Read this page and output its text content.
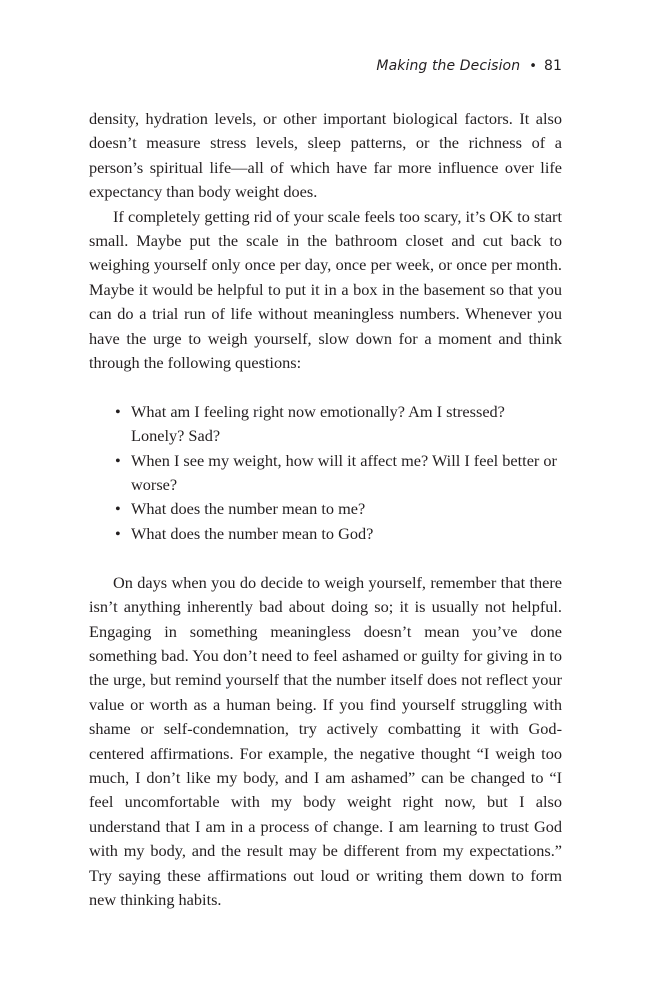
Making the Decision • 81

density, hydration levels, or other important biological factors. It also doesn’t measure stress levels, sleep patterns, or the richness of a person’s spiritual life—all of which have far more influence over life expectancy than body weight does.

If completely getting rid of your scale feels too scary, it’s OK to start small. Maybe put the scale in the bathroom closet and cut back to weighing yourself only once per day, once per week, or once per month. Maybe it would be helpful to put it in a box in the basement so that you can do a trial run of life without meaningless numbers. Whenever you have the urge to weigh yourself, slow down for a moment and think through the following questions:

• What am I feeling right now emotionally? Am I stressed? Lonely? Sad?
• When I see my weight, how will it affect me? Will I feel better or worse?
• What does the number mean to me?
• What does the number mean to God?

On days when you do decide to weigh yourself, remember that there isn’t anything inherently bad about doing so; it is usually not helpful. Engaging in something meaningless doesn’t mean you’ve done something bad. You don’t need to feel ashamed or guilty for giving in to the urge, but remind yourself that the number itself does not reflect your value or worth as a human being. If you find yourself struggling with shame or self-condemnation, try actively combatting it with God-centered affirmations. For example, the negative thought “I weigh too much, I don’t like my body, and I am ashamed” can be changed to “I feel uncomfortable with my body weight right now, but I also understand that I am in a process of change. I am learning to trust God with my body, and the result may be different from my expectations.” Try saying these affirmations out loud or writing them down to form new thinking habits.
